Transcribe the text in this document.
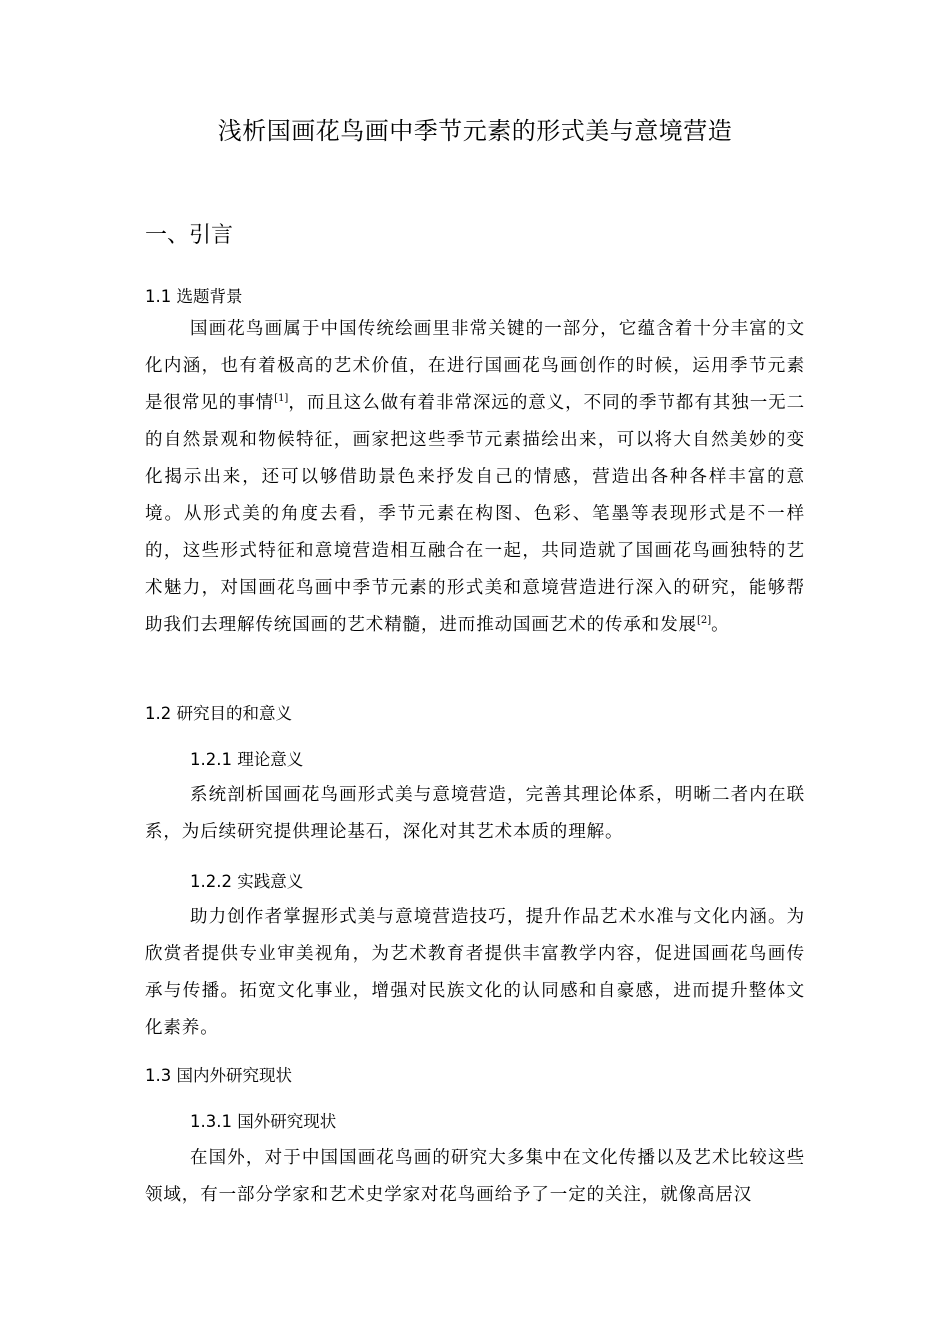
浅析国画花鸟画中季节元素的形式美与意境营造
一、引言
1.1 选题背景

国画花鸟画属于中国传统绘画里非常关键的一部分，它蕴含着十分丰富的文化内涵，也有着极高的艺术价值，在进行国画花鸟画创作的时候，运用季节元素是很常见的事情[1]，而且这么做有着非常深远的意义，不同的季节都有其独一无二的自然景观和物候特征，画家把这些季节元素描绘出来，可以将大自然美妙的变化揭示出来，还可以够借助景色来抒发自己的情感，营造出各种各样丰富的意境。从形式美的角度去看，季节元素在构图、色彩、笔墨等表现形式是不一样的，这些形式特征和意境营造相互融合在一起，共同造就了国画花鸟画独特的艺术魅力，对国画花鸟画中季节元素的形式美和意境营造进行深入的研究，能够帮助我们去理解传统国画的艺术精髓，进而推动国画艺术的传承和发展[2]。

1.2 研究目的和意义
1.2.1 理论意义

系统剖析国画花鸟画形式美与意境营造，完善其理论体系，明晰二者内在联系，为后续研究提供理论基石，深化对其艺术本质的理解。

1.2.2 实践意义

助力创作者掌握形式美与意境营造技巧，提升作品艺术水准与文化内涵。为欣赏者提供专业审美视角，为艺术教育者提供丰富教学内容，促进国画花鸟画传承与传播。拓宽文化事业，增强对民族文化的认同感和自豪感，进而提升整体文化素养。

1.3 国内外研究现状
1.3.1 国外研究现状

在国外，对于中国国画花鸟画的研究大多集中在文化传播以及艺术比较这些领域，有一部分学家和艺术史学家对花鸟画给予了一定的关注，就像高居汉
